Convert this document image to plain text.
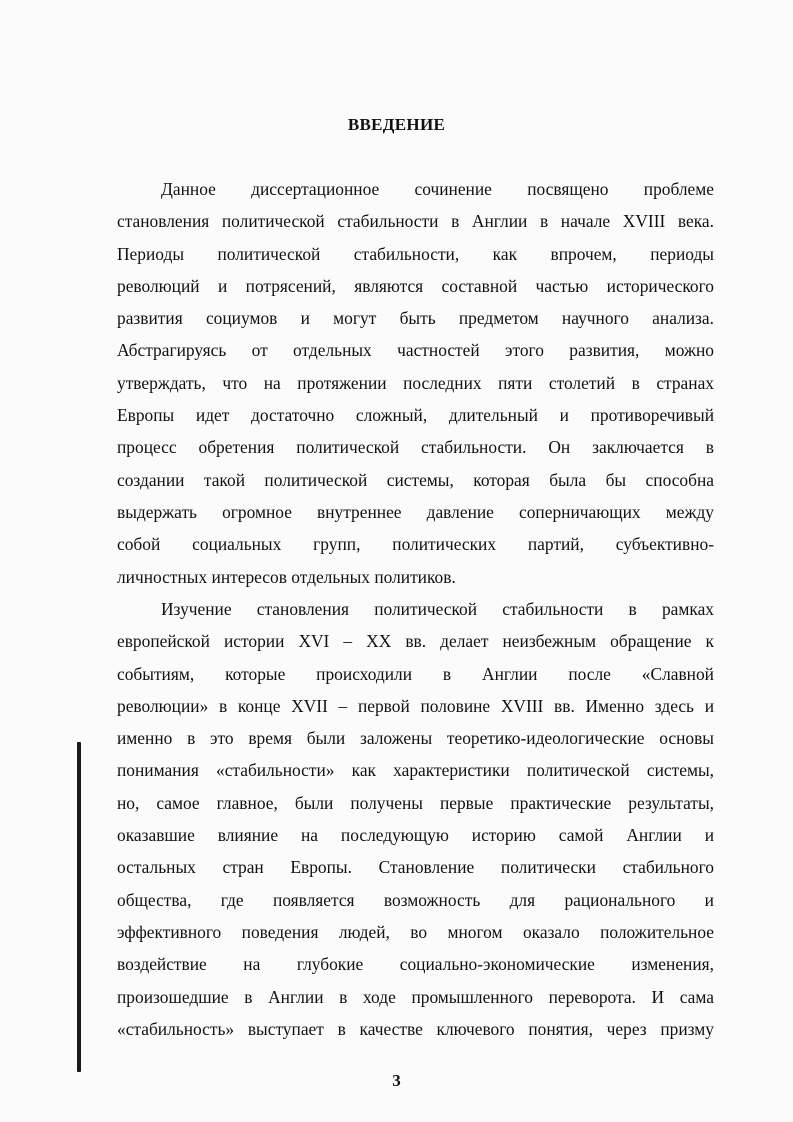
ВВЕДЕНИЕ
Данное диссертационное сочинение посвящено проблеме
становления политической стабильности в Англии в начале XVIII века.
Периоды политической стабильности, как впрочем, периоды
революций и потрясений, являются составной частью исторического
развития социумов и могут быть предметом научного анализа.
Абстрагируясь от отдельных частностей этого развития, можно
утверждать, что на протяжении последних пяти столетий в странах
Европы идет достаточно сложный, длительный и противоречивый
процесс обретения политической стабильности. Он заключается в
создании такой политической системы, которая была бы способна
выдержать огромное внутреннее давление соперничающих между
собой социальных групп, политических партий, субъективно-
личностных интересов отдельных политиков.
Изучение становления политической стабильности в рамках
европейской истории XVI – XX вв. делает неизбежным обращение к
событиям, которые происходили в Англии после «Славной
революции» в конце XVII – первой половине XVIII вв. Именно здесь и
именно в это время были заложены теоретико-идеологические основы
понимания «стабильности» как характеристики политической системы,
но, самое главное, были получены первые практические результаты,
оказавшие влияние на последующую историю самой Англии и
остальных стран Европы. Становление политически стабильного
общества, где появляется возможность для рационального и
эффективного поведения людей, во многом оказало положительное
воздействие на глубокие социально-экономические изменения,
произошедшие в Англии в ходе промышленного переворота. И сама
«стабильность» выступает в качестве ключевого понятия, через призму
3
